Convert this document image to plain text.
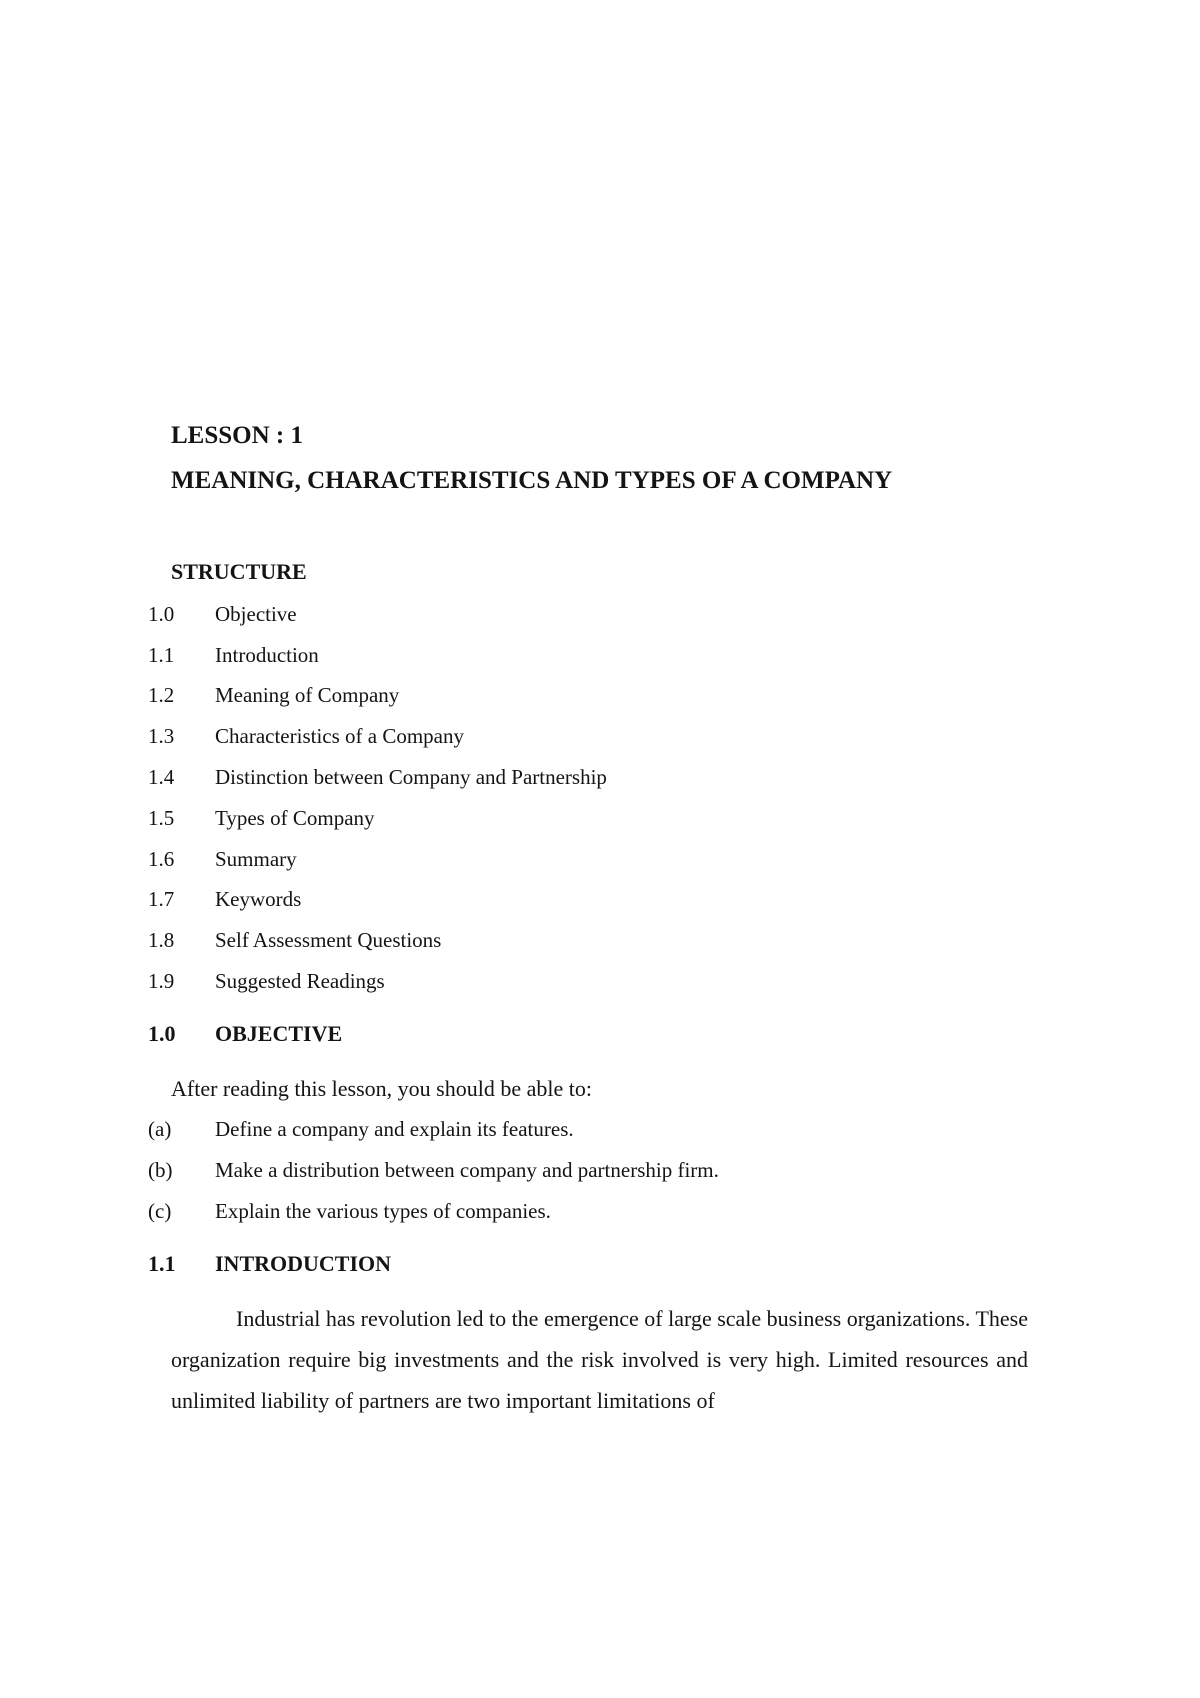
LESSON : 1
MEANING, CHARACTERISTICS AND TYPES OF A COMPANY
STRUCTURE
1.0 Objective
1.1 Introduction
1.2 Meaning of Company
1.3 Characteristics of a Company
1.4 Distinction between Company and Partnership
1.5 Types of Company
1.6 Summary
1.7 Keywords
1.8 Self Assessment Questions
1.9 Suggested Readings
1.0 OBJECTIVE
After reading this lesson, you should be able to:
(a) Define a company and explain its features.
(b) Make a distribution between company and partnership firm.
(c) Explain the various types of companies.
1.1 INTRODUCTION
Industrial has revolution led to the emergence of large scale business organizations. These organization require big investments and the risk involved is very high. Limited resources and unlimited liability of partners are two important limitations of
